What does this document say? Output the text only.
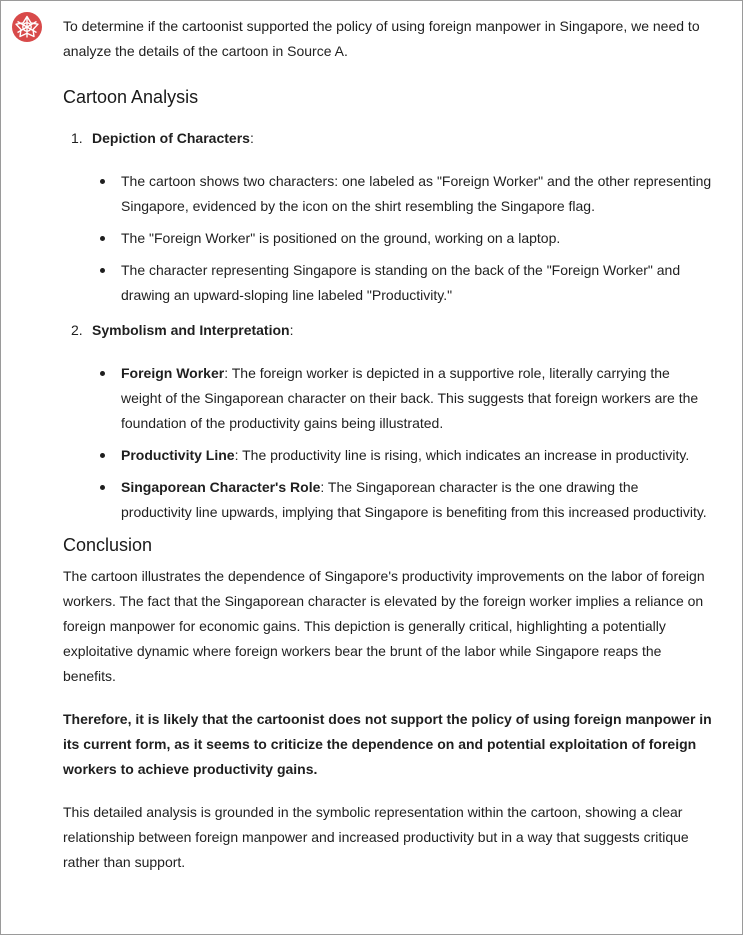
To determine if the cartoonist supported the policy of using foreign manpower in Singapore, we need to analyze the details of the cartoon in Source A.

Cartoon Analysis
1. Depiction of Characters:
The cartoon shows two characters: one labeled as "Foreign Worker" and the other representing Singapore, evidenced by the icon on the shirt resembling the Singapore flag.
The "Foreign Worker" is positioned on the ground, working on a laptop.
The character representing Singapore is standing on the back of the "Foreign Worker" and drawing an upward-sloping line labeled "Productivity."
2. Symbolism and Interpretation:
Foreign Worker: The foreign worker is depicted in a supportive role, literally carrying the weight of the Singaporean character on their back. This suggests that foreign workers are the foundation of the productivity gains being illustrated.
Productivity Line: The productivity line is rising, which indicates an increase in productivity.
Singaporean Character's Role: The Singaporean character is the one drawing the productivity line upwards, implying that Singapore is benefiting from this increased productivity.
Conclusion

The cartoon illustrates the dependence of Singapore's productivity improvements on the labor of foreign workers. The fact that the Singaporean character is elevated by the foreign worker implies a reliance on foreign manpower for economic gains. This depiction is generally critical, highlighting a potentially exploitative dynamic where foreign workers bear the brunt of the labor while Singapore reaps the benefits.

Therefore, it is likely that the cartoonist does not support the policy of using foreign manpower in its current form, as it seems to criticize the dependence on and potential exploitation of foreign workers to achieve productivity gains.

This detailed analysis is grounded in the symbolic representation within the cartoon, showing a clear relationship between foreign manpower and increased productivity but in a way that suggests critique rather than support.
